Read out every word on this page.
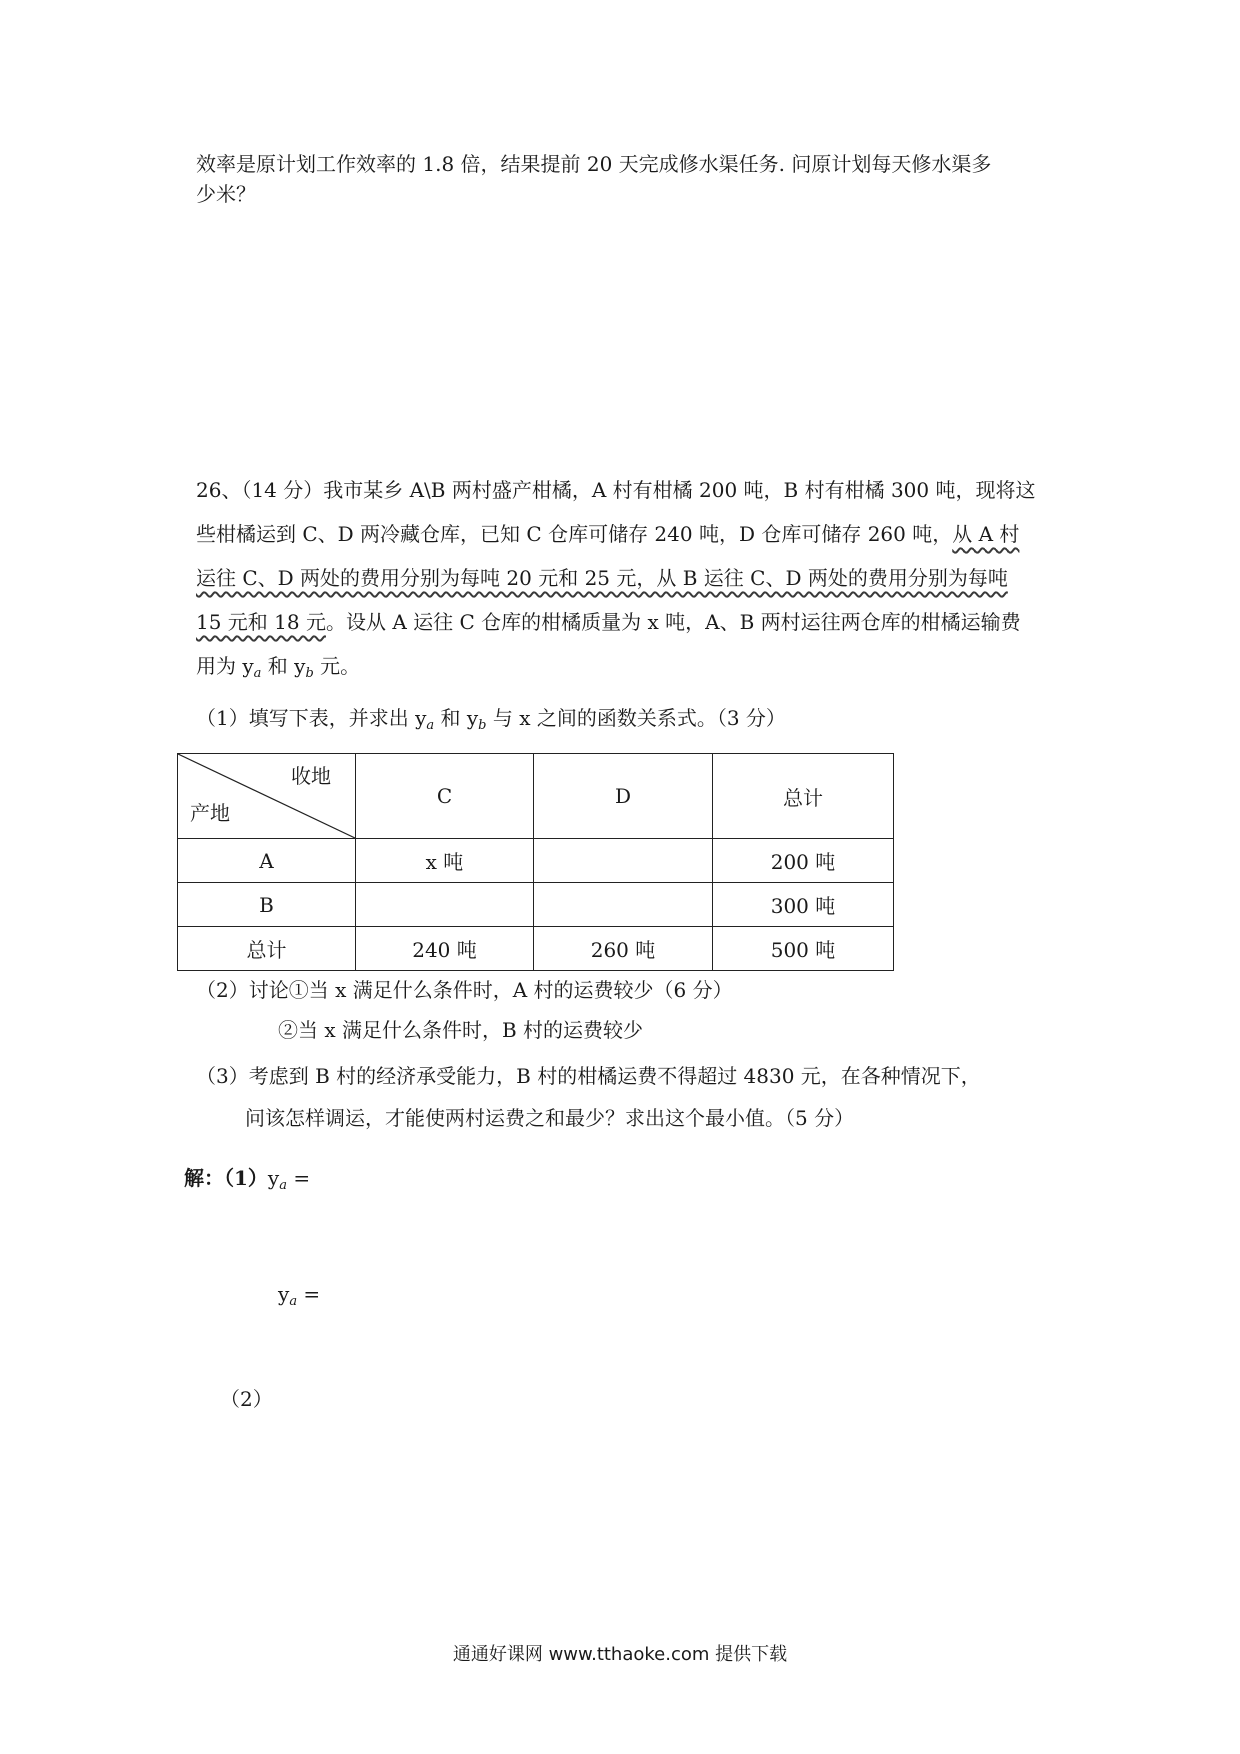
效率是原计划工作效率的 1.8 倍，结果提前 20 天完成修水渠任务. 问原计划每天修水渠多
少米？
26、（14 分）我市某乡 A\B 两村盛产柑橘，A 村有柑橘 200 吨，B 村有柑橘 300 吨，现将这
些柑橘运到 C、D 两冷藏仓库，已知 C 仓库可储存 240 吨，D 仓库可储存 260 吨，从 A 村
运往 C、D 两处的费用分别为每吨 20 元和 25 元，从 B 运往 C、D 两处的费用分别为每吨
15 元和 18 元。设从 A 运往 C 仓库的柑橘质量为 x 吨，A、B 两村运往两仓库的柑橘运输费
用为 $y_a$ 和 $y_b$ 元。
（1）填写下表，并求出 $y_a$ 和 $y_b$ 与 x 之间的函数关系式。（3 分）
收地
产地	C	D	总计
A	x 吨		200 吨
B			300 吨
总计	240 吨	260 吨	500 吨
（2）讨论①当 x 满足什么条件时，A 村的运费较少（6 分）
②当 x 满足什么条件时，B 村的运费较少
（3）考虑到 B 村的经济承受能力，B 村的柑橘运费不得超过 4830 元，在各种情况下，
问该怎样调运，才能使两村运费之和最少？求出这个最小值。（5 分）
解：$(1)y_a$ =
$y_a$ =
（2）
通通好课网 www.tthaoke.com 提供下载
